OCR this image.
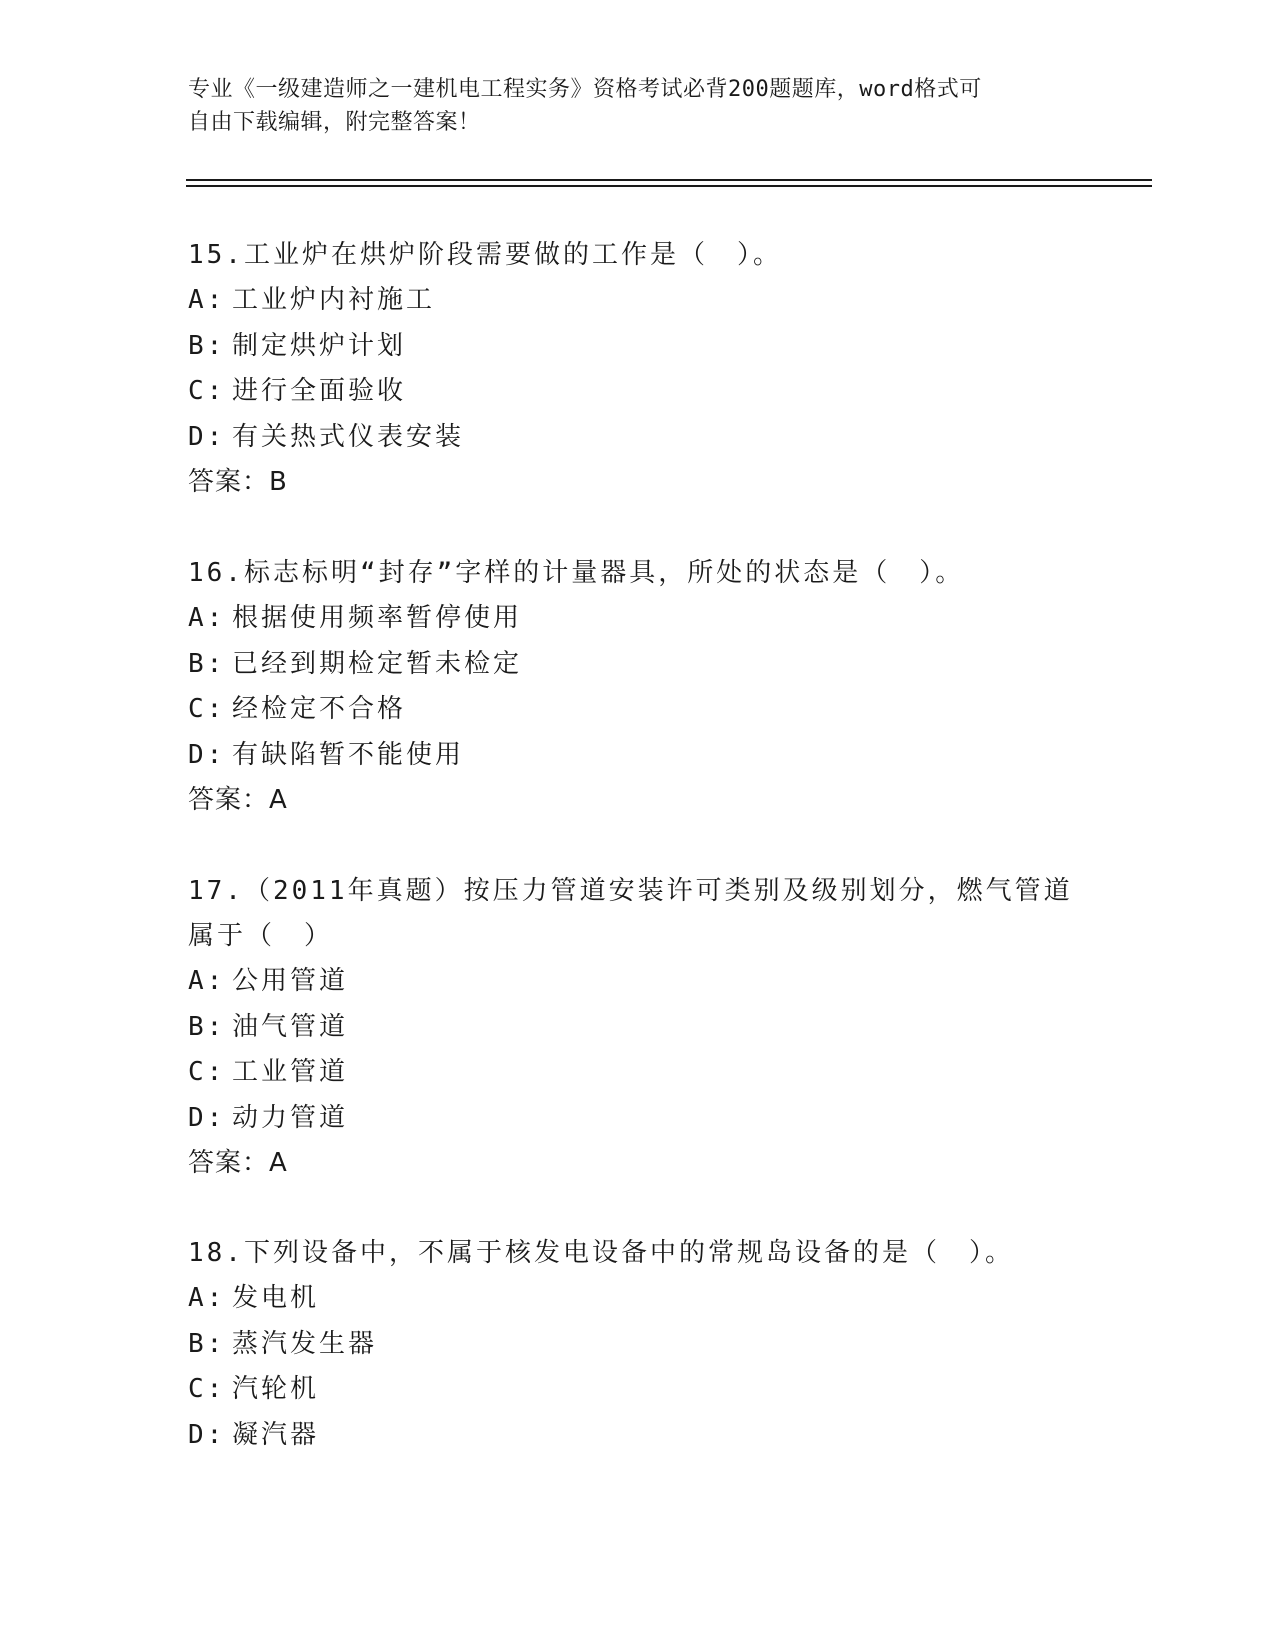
专业《一级建造师之一建机电工程实务》资格考试必背200题题库，word格式可
自由下载编辑，附完整答案！

15.工业炉在烘炉阶段需要做的工作是（　）。

A: 工业炉内衬施工

B: 制定烘炉计划

C: 进行全面验收

D: 有关热式仪表安装

答案：B

16.标志标明“封存”字样的计量器具，所处的状态是（　）。

A: 根据使用频率暂停使用

B: 已经到期检定暂未检定

C: 经检定不合格

D: 有缺陷暂不能使用

答案：A

17.（2011年真题）按压力管道安装许可类别及级别划分，燃气管道属于（　）

A: 公用管道

B: 油气管道

C: 工业管道

D: 动力管道

答案：A

18.下列设备中，不属于核发电设备中的常规岛设备的是（　）。

A: 发电机

B: 蒸汽发生器

C: 汽轮机

D: 凝汽器
